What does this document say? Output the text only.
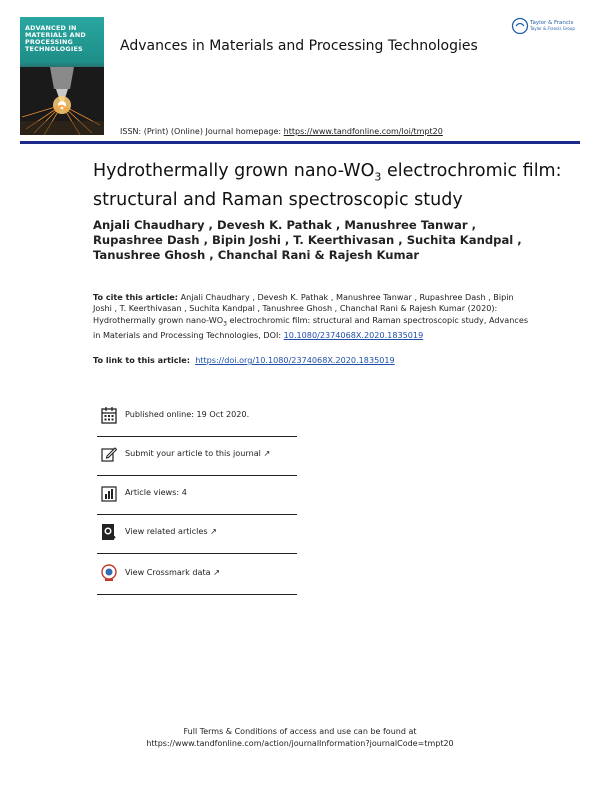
ADVANCED IN
MATERIALS AND
PROCESSING
TECHNOLOGIES	Advances in Materials and Processing Technologies
Taylor & Francis
Taylor & Francis Group
ISSN: (Print) (Online) Journal homepage: https://www.tandfonline.com/loi/tmpt20
Hydrothermally grown nano-$WO_3$ electrochromic film: structural and Raman spectroscopic study
Anjali Chaudhary , Devesh K. Pathak , Manushree Tanwar , Rupashree Dash , Bipin Joshi , T. Keerthivasan , Suchita Kandpal , Tanushree Ghosh , Chanchal Rani & Rajesh Kumar
To cite this article: Anjali Chaudhary , Devesh K. Pathak , Manushree Tanwar , Rupashree Dash , Bipin Joshi , T. Keerthivasan , Suchita Kandpal , Tanushree Ghosh , Chanchal Rani & Rajesh Kumar (2020): Hydrothermally grown nano-$WO_3$ electrochromic film: structural and Raman spectroscopic study, Advances in Materials and Processing Technologies, DOI: 10.1080/2374068X.2020.1835019
To link to this article: https://doi.org/10.1080/2374068X.2020.1835019
Published online: 19 Oct 2020.
Submit your article to this journal ↗
Article views: 4
View related articles ↗
View Crossmark data ↗
Full Terms & Conditions of access and use can be found at
https://www.tandfonline.com/action/journalInformation?journalCode=tmpt20
